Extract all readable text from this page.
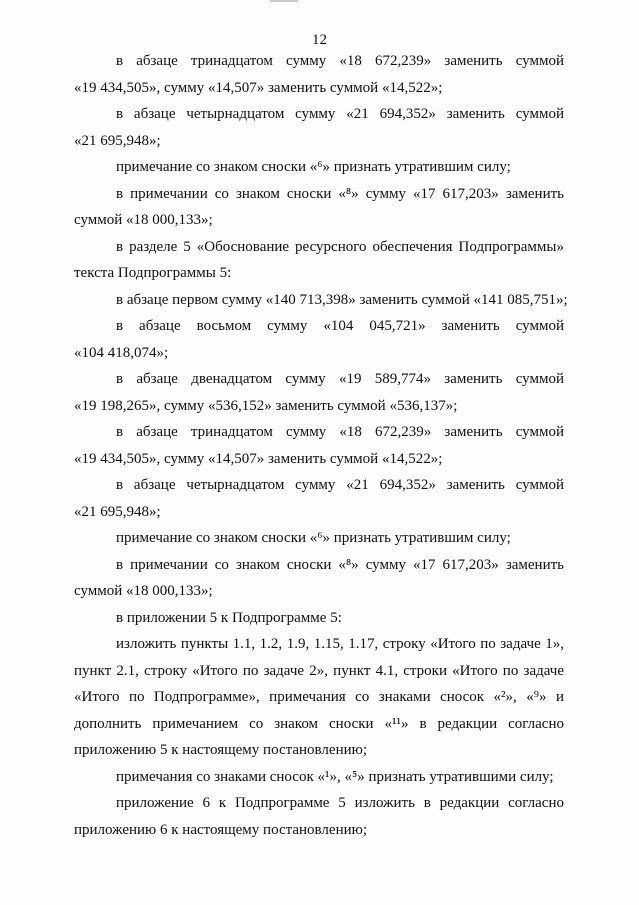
12
в абзаце тринадцатом сумму «18 672,239» заменить суммой
«19 434,505», сумму «14,507» заменить суммой «14,522»;
в абзаце четырнадцатом сумму «21 694,352» заменить суммой
«21 695,948»;
примечание со знаком сноски «⁶» признать утратившим силу;
в примечании со знаком сноски «⁸» сумму «17 617,203» заменить
суммой «18 000,133»;
в разделе 5 «Обоснование ресурсного обеспечения Подпрограммы»
текста Подпрограммы 5:
в абзаце первом сумму «140 713,398» заменить суммой «141 085,751»;
в абзаце восьмом сумму «104 045,721» заменить суммой
«104 418,074»;
в абзаце двенадцатом сумму «19 589,774» заменить суммой
«19 198,265», сумму «536,152» заменить суммой «536,137»;
в абзаце тринадцатом сумму «18 672,239» заменить суммой
«19 434,505», сумму «14,507» заменить суммой «14,522»;
в абзаце четырнадцатом сумму «21 694,352» заменить суммой
«21 695,948»;
примечание со знаком сноски «⁶» признать утратившим силу;
в примечании со знаком сноски «⁸» сумму «17 617,203» заменить
суммой «18 000,133»;
в приложении 5 к Подпрограмме 5:
изложить пункты 1.1, 1.2, 1.9, 1.15, 1.17, строку «Итого по задаче 1»,
пункт 2.1, строку «Итого по задаче 2», пункт 4.1, строки «Итого по задаче
«Итого по Подпрограмме», примечания со знаками сносок «²», «⁹» и
дополнить примечанием со знаком сноски «¹¹» в редакции согласно
приложению 5 к настоящему постановлению;
примечания со знаками сносок «¹», «⁵» признать утратившими силу;
приложение 6 к Подпрограмме 5 изложить в редакции согласно
приложению 6 к настоящему постановлению;
